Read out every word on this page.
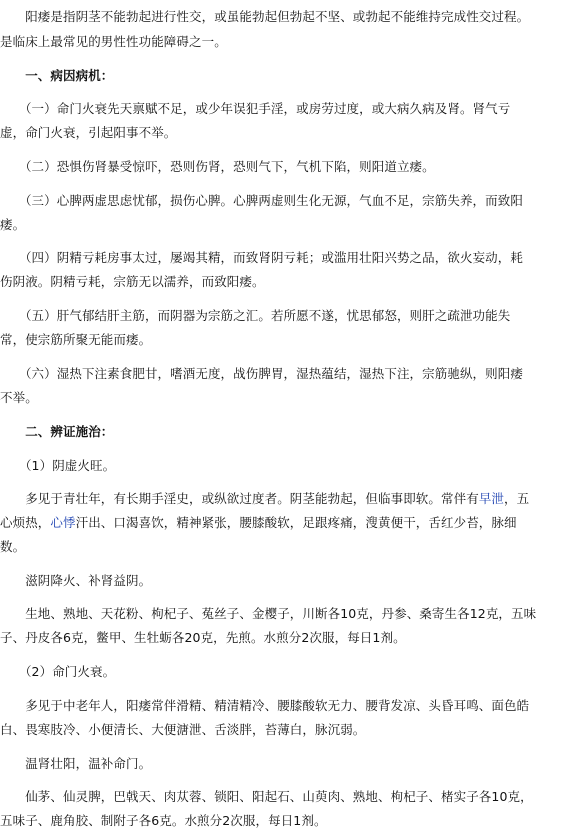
　　阳痿是指阴茎不能勃起进行性交，或虽能勃起但勃起不坚、或勃起不能维持完成性交过程。
是临床上最常见的男性性功能障碍之一。
　　一、病因病机：
　　（一）命门火衰先天禀赋不足，或少年误犯手淫，或房劳过度，或大病久病及肾。肾气亏
虚，命门火衰，引起阳事不举。
　　（二）恐惧伤肾暴受惊吓，恐则伤肾，恐则气下，气机下陷，则阳道立痿。
　　（三）心脾两虚思虑忧郁，损伤心脾。心脾两虚则生化无源，气血不足，宗筋失养，而致阳
痿。
　　（四）阴精亏耗房事太过，屡竭其精，而致肾阴亏耗；或滥用壮阳兴势之品，欲火妄动，耗
伤阴液。阴精亏耗，宗筋无以濡养，而致阳痿。
　　（五）肝气郁结肝主筋，而阴器为宗筋之汇。若所愿不遂，忧思郁怒，则肝之疏泄功能失
常，使宗筋所聚无能而痿。
　　（六）湿热下注素食肥甘，嗜酒无度，战伤脾胃，湿热蕴结，湿热下注，宗筋驰纵，则阳痿
不举。
　　二、辨证施治：
　　（1）阴虚火旺。
　　多见于青壮年，有长期手淫史，或纵欲过度者。阴茎能勃起，但临事即软。常伴有早泄，五
心烦热，心悸汗出、口渴喜饮，精神紧张，腰膝酸软，足跟疼痛，溲黄便干，舌红少苔，脉细
数。
　　滋阴降火、补肾益阴。
　　生地、熟地、天花粉、枸杞子、菟丝子、金樱子，川断各10克，丹参、桑寄生各12克，五味
子、丹皮各6克，鳖甲、生牡蛎各20克，先煎。水煎分2次服，每日1剂。
　　（2）命门火衰。
　　多见于中老年人，阳痿常伴滑精、精清精冷、腰膝酸软无力、腰背发凉、头昏耳鸣、面色皓
白、畏寒肢冷、小便清长、大便溏泄、舌淡胖，苔薄白，脉沉弱。
　　温肾壮阳，温补命门。
　　仙茅、仙灵脾，巴戟天、肉苁蓉、锁阳、阳起石、山萸肉、熟地、枸杞子、楮实子各10克，
五味子、鹿角胶、制附子各6克。水煎分2次服，每日1剂。
